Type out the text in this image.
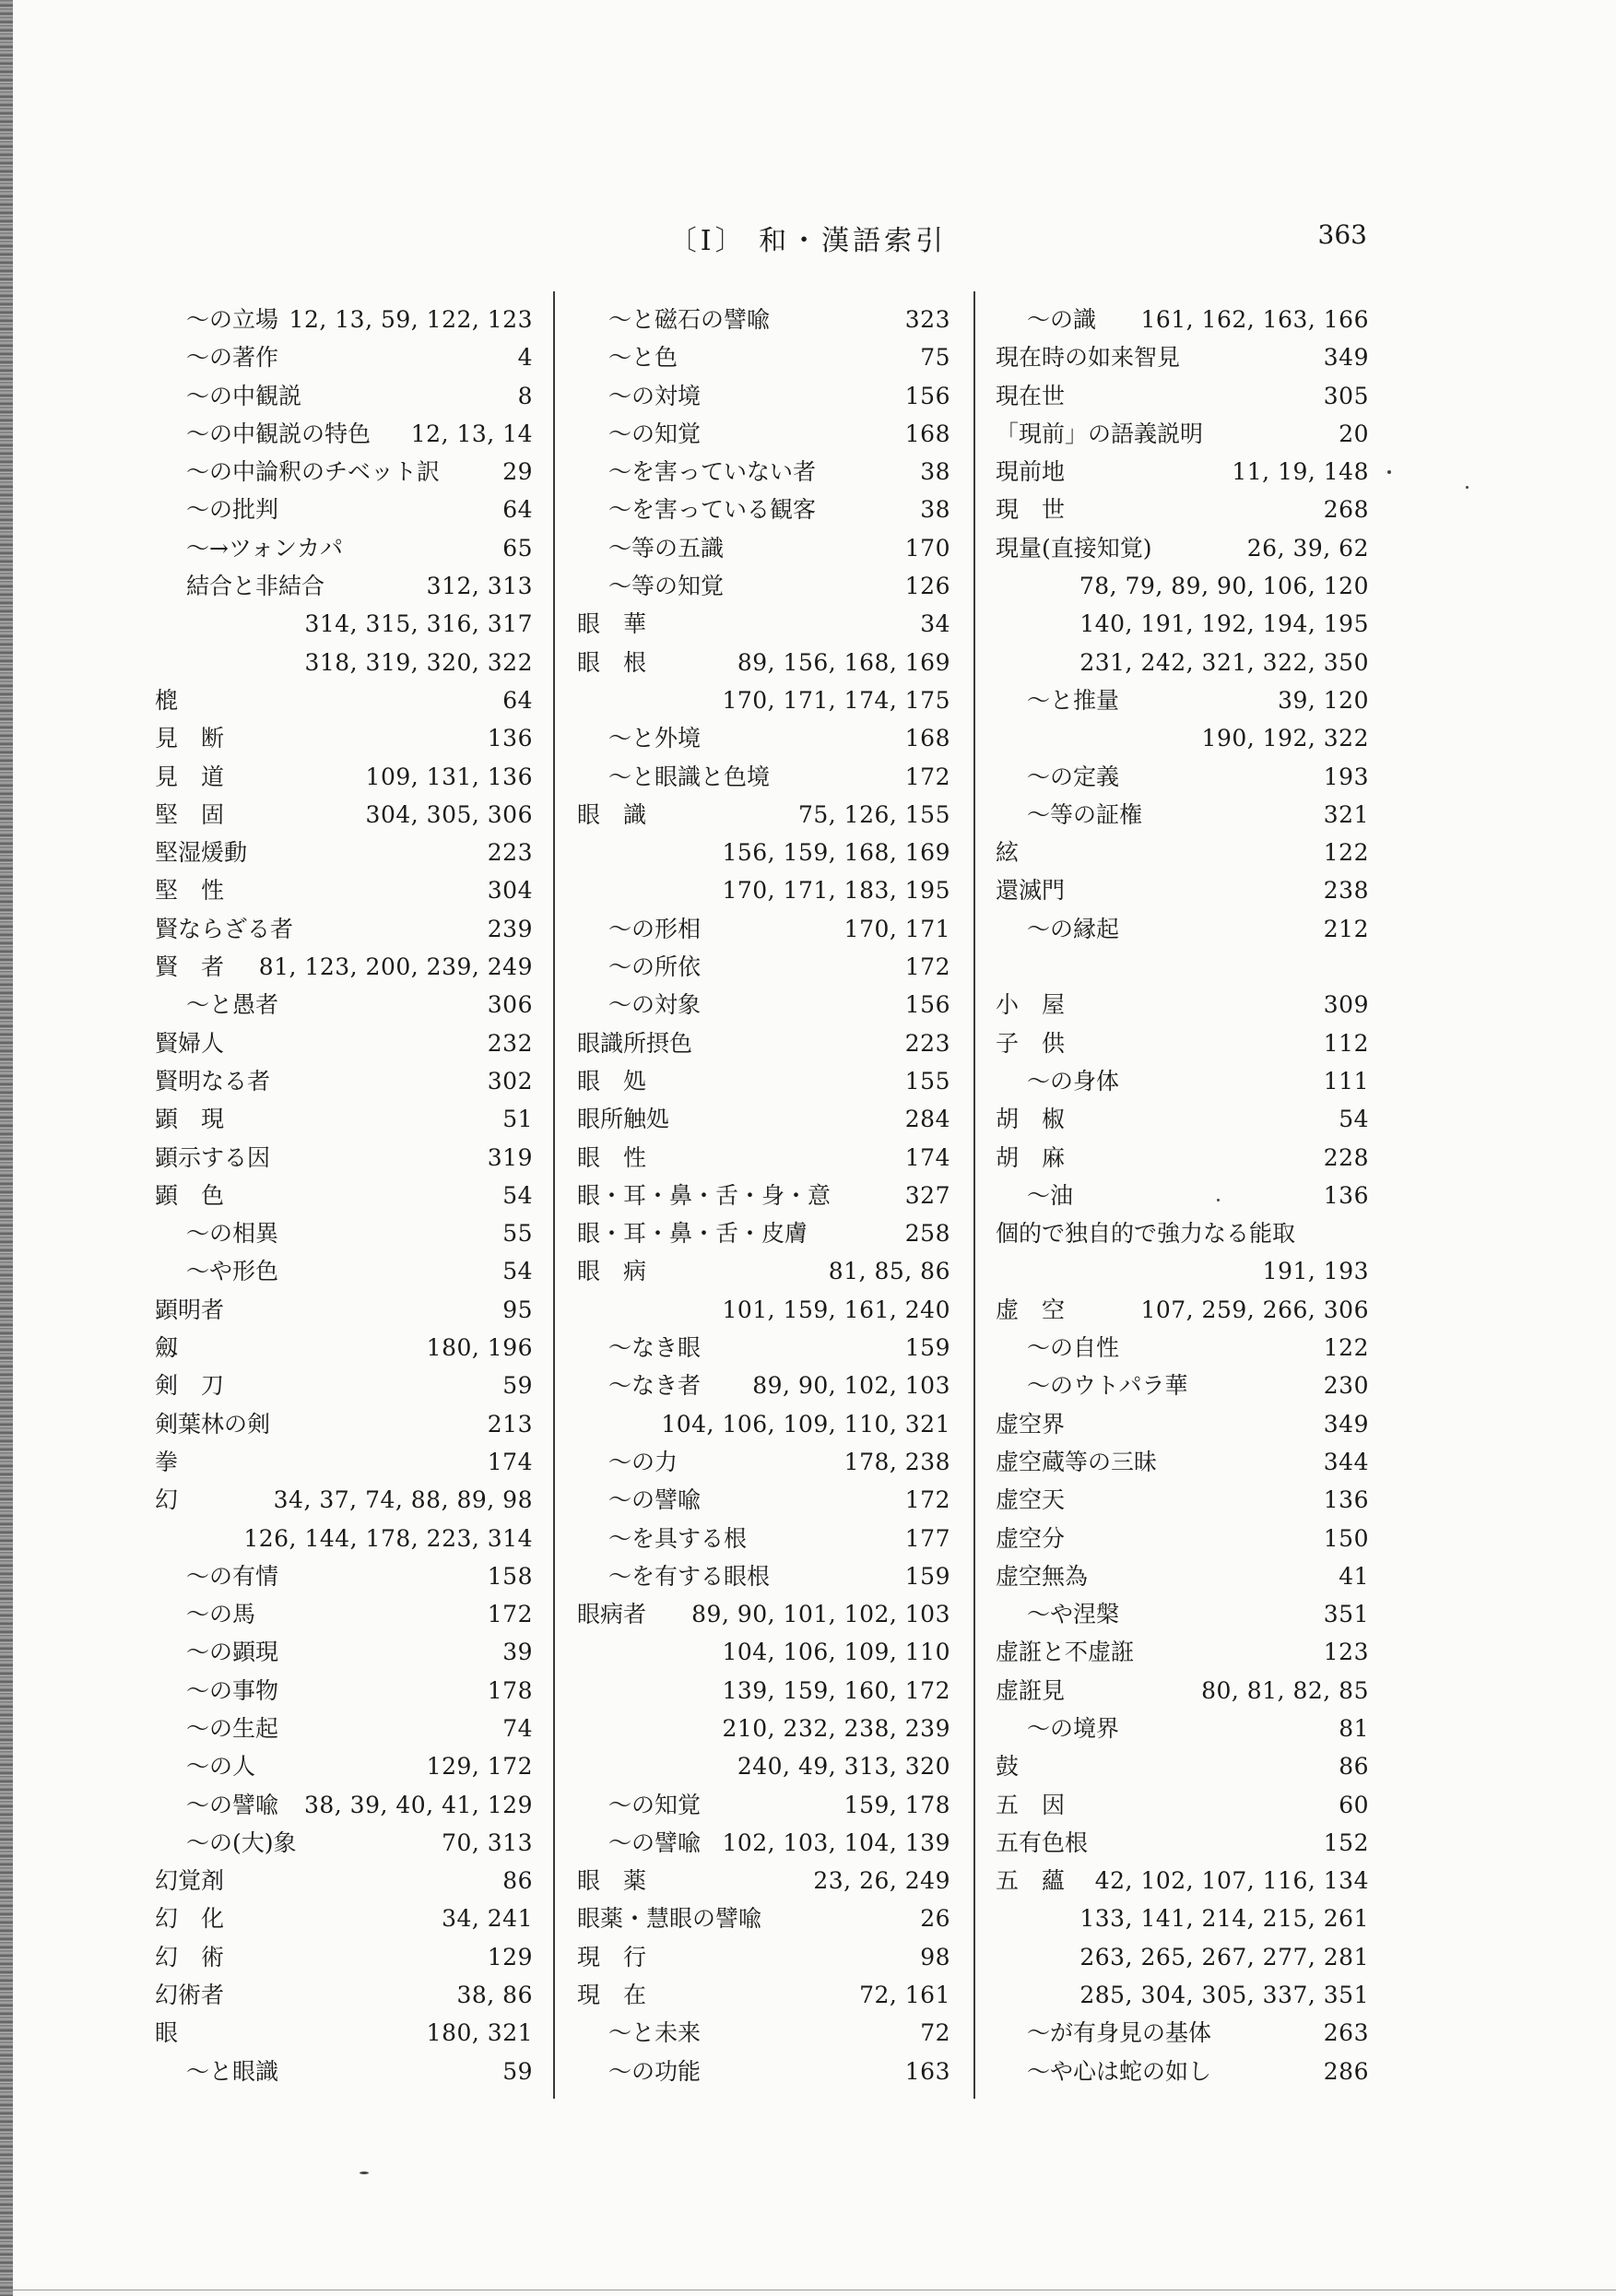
〔I〕 和・漢語索引	363
〜の立場 12, 13, 59, 122, 123
〜の著作	4
〜の中観説	8
〜の中観説の特色 12, 13, 14
〜の中論釈のチベット訳	29
〜の批判	64
〜→ツォンカパ	65
結合と非結合	312, 313
314, 315, 316, 317
318, 319, 320, 322
㮰	64
見　断	136
見　道	109, 131, 136
堅　固	304, 305, 306
堅湿煖動	223
堅　性	304
賢ならざる者	239
賢　者 81, 123, 200, 239, 249
〜と愚者	306
賢婦人	232
賢明なる者	302
顕　現	51
顕示する因	319
顕　色	54
〜の相異	55
〜や形色	54
顕明者	95
劔	180, 196
剣　刀	59
剣葉林の剣	213
拳	174
幻	34, 37, 74, 88, 89, 98
126, 144, 178, 223, 314
〜の有情	158
〜の馬	172
〜の顕現	39
〜の事物	178
〜の生起	74
〜の人	129, 172
〜の譬喩 38, 39, 40, 41, 129
〜の(大)象	70, 313
幻覚剤	86
幻　化	34, 241
幻　術	129
幻術者	38, 86
眼	180, 321
〜と眼識	59
〜と磁石の譬喩	323
〜と色	75
〜の対境	156
〜の知覚	168
〜を害っていない者	38
〜を害っている観客	38
〜等の五識	170
〜等の知覚	126
眼　華	34
眼　根	89, 156, 168, 169
170, 171, 174, 175
〜と外境	168
〜と眼識と色境	172
眼　識	75, 126, 155
156, 159, 168, 169
170, 171, 183, 195
〜の形相	170, 171
〜の所依	172
〜の対象	156
眼識所摂色	223
眼　処	155
眼所触処	284
眼　性	174
眼・耳・鼻・舌・身・意	327
眼・耳・鼻・舌・皮膚	258
眼　病	81, 85, 86
101, 159, 161, 240
〜なき眼	159
〜なき者 89, 90, 102, 103
104, 106, 109, 110, 321
〜の力	178, 238
〜の譬喩	172
〜を具する根	177
〜を有する眼根	159
眼病者 89, 90, 101, 102, 103
104, 106, 109, 110
139, 159, 160, 172
210, 232, 238, 239
240, 49, 313, 320
〜の知覚	159, 178
〜の譬喩 102, 103, 104, 139
眼　薬	23, 26, 249
眼薬・慧眼の譬喩	26
現　行	98
現　在	72, 161
〜と未来	72
〜の功能	163
〜の識 161, 162, 163, 166
現在時の如来智見	349
現在世	305
「現前」の語義説明	20
現前地	11, 19, 148
現　世	268
現量(直接知覚)	26, 39, 62
78, 79, 89, 90, 106, 120
140, 191, 192, 194, 195
231, 242, 321, 322, 350
〜と推量	39, 120
190, 192, 322
〜の定義	193
〜等の証権	321
絃	122
還滅門	238
〜の縁起	212
小　屋	309
子　供	112
〜の身体	111
胡　椒	54
胡　麻	228
〜油	136
個的で独自的で強力なる能取
191, 193
虚　空	107, 259, 266, 306
〜の自性	122
〜のウトパラ華	230
虚空界	349
虚空蔵等の三昧	344
虚空天	136
虚空分	150
虚空無為	41
〜や涅槃	351
虚誑と不虚誑	123
虚誑見	80, 81, 82, 85
〜の境界	81
鼓	86
五　因	60
五有色根	152
五　蘊 42, 102, 107, 116, 134
133, 141, 214, 215, 261
263, 265, 267, 277, 281
285, 304, 305, 337, 351
〜が有身見の基体	263
〜や心は蛇の如し	286
